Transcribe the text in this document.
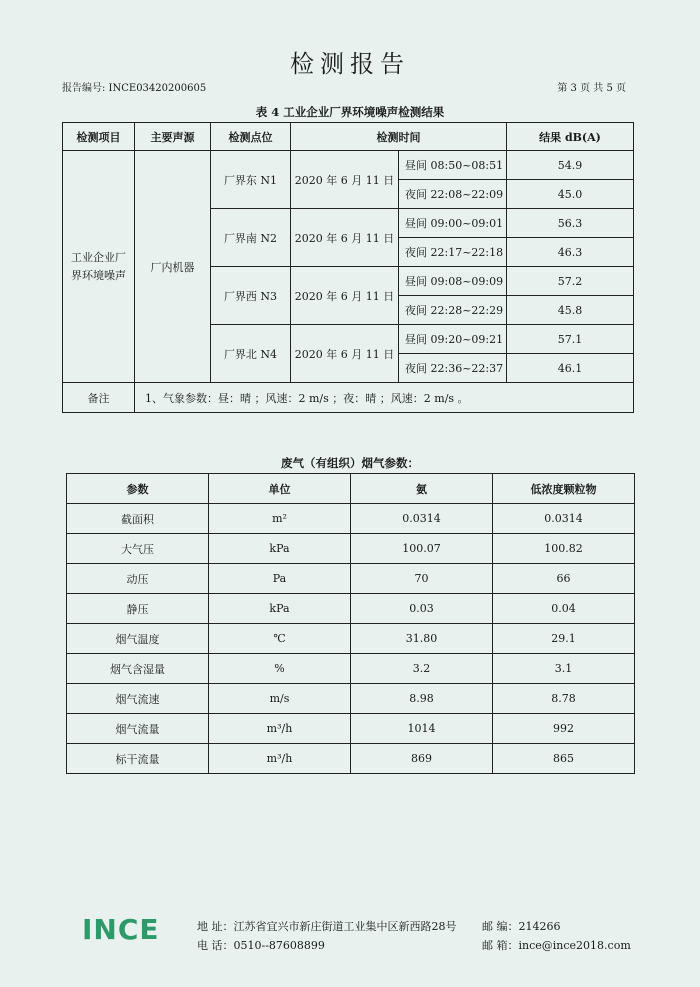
检测报告
报告编号: INCE03420200605	第 3 页 共 5 页
表 4 工业企业厂界环境噪声检测结果
检测项目	主要声源	检测点位	检测时间		结果 dB(A)
工业企业厂界环境噪声	厂内机器	厂界东 N1	2020 年 6 月 11 日	昼间 08:50~08:51	54.9
				夜间 22:08~22:09	45.0
		厂界南 N2	2020 年 6 月 11 日	昼间 09:00~09:01	56.3
				夜间 22:17~22:18	46.3
		厂界西 N3	2020 年 6 月 11 日	昼间 09:08~09:09	57.2
				夜间 22:28~22:29	45.8
		厂界北 N4	2020 年 6 月 11 日	昼间 09:20~09:21	57.1
				夜间 22:36~22:37	46.1
备注	1、气象参数：昼：晴 ；风速：2 m/s ；夜：晴 ；风速：2 m/s 。				
废气（有组织）烟气参数：
参数	单位	氨	低浓度颗粒物
截面积	m²	0.0314	0.0314
大气压	kPa	100.07	100.82
动压	Pa	70	66
静压	kPa	0.03	0.04
烟气温度	℃	31.80	29.1
烟气含湿量	%	3.2	3.1
烟气流速	m/s	8.98	8.78
烟气流量	m³/h	1014	992
标干流量	m³/h	869	865
INCE	地 址：江苏省宜兴市新庄街道工业集中区新西路28号 邮 编：214266
电 话：0510--87608899	邮 箱：ince@ince2018.com
